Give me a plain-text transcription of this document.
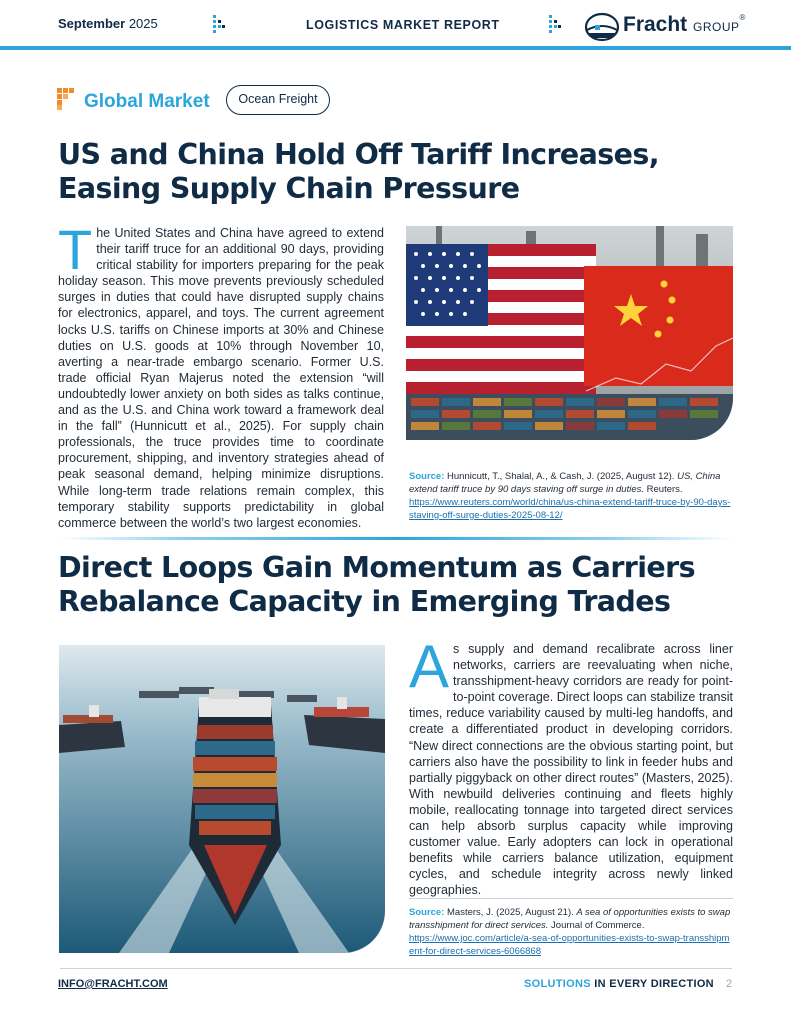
September 2025	LOGISTICS MARKET REPORT	Fracht GROUP®
Global Market	Ocean Freight
US and China Hold Off Tariff Increases, Easing Supply Chain Pressure
The United States and China have agreed to extend their tariff truce for an additional 90 days, providing critical stability for importers preparing for the peak holiday season. This move prevents previously scheduled surges in duties that could have disrupted supply chains for electronics, apparel, and toys. The current agreement locks U.S. tariffs on Chinese imports at 30% and Chinese duties on U.S. goods at 10% through November 10, averting a near-trade embargo scenario. Former U.S. trade official Ryan Majerus noted the extension “will undoubtedly lower anxiety on both sides as talks continue, and as the U.S. and China work toward a framework deal in the fall” (Hunnicutt et al., 2025). For supply chain professionals, the truce provides time to coordinate procurement, shipping, and inventory strategies ahead of peak seasonal demand, helping minimize disruptions. While long-term trade relations remain complex, this temporary stability supports predictability in global commerce between the world’s two largest economies.
Source: Hunnicutt, T., Shalal, A., & Cash, J. (2025, August 12). US, China extend tariff truce by 90 days staving off surge in duties. Reuters.
https://www.reuters.com/world/china/us-china-extend-tariff-truce-by-90-days-staving-off-surge-duties-2025-08-12/
Direct Loops Gain Momentum as Carriers Rebalance Capacity in Emerging Trades
As supply and demand recalibrate across liner networks, carriers are reevaluating when niche, transshipment-heavy corridors are ready for point-to-point coverage. Direct loops can stabilize transit times, reduce variability caused by multi-leg handoffs, and create a differentiated product in developing corridors. “New direct connections are the obvious starting point, but carriers also have the possibility to link in feeder hubs and partially piggyback on other direct routes” (Masters, 2025). With newbuild deliveries continuing and fleets highly mobile, reallocating tonnage into targeted direct services can help absorb surplus capacity while improving customer value. Early adopters can lock in operational benefits while carriers balance utilization, equipment cycles, and schedule integrity across newly linked geographies.
Source: Masters, J. (2025, August 21). A sea of opportunities exists to swap transshipment for direct services. Journal of Commerce.
https://www.joc.com/article/a-sea-of-opportunities-exists-to-swap-transshipment-for-direct-services-6066868
INFO@FRACHT.COM	SOLUTIONS IN EVERY DIRECTION 2
